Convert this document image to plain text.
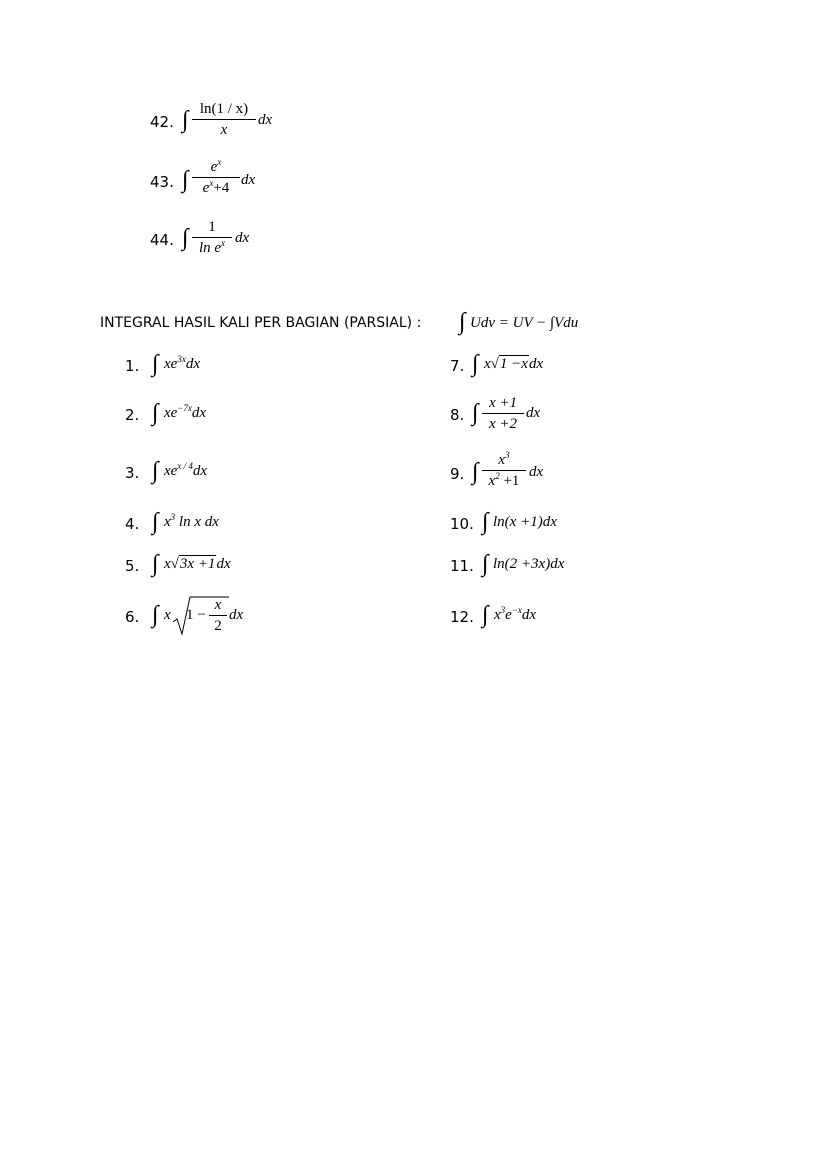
42. ∫ $\frac{\ln(1 / x)}{x}$ dx
43. ∫ $\frac{e^x}{e^x+4}$ dx
44. ∫ $\frac{1}{\ln e^x}$ dx
INTEGRAL HASIL KALI PER BAGIAN (PARSIAL) : ∫ Udv = UV − ∫Vdu
1. ∫ $xe^{3x}dx$
2. ∫ $xe^{-7x}dx$
3. ∫ $xe^{x / 4}dx$
4. ∫ $x^3$ ln x dx
5. ∫ x√3x +1dx
6. ∫ x $1 - \frac{x}{2}$ dx
7. ∫ x√1 −xdx
8. ∫ $\frac{x +1}{x +2}$ dx
9. ∫ $\frac{x^3}{x^2 +1}$ dx
10. ∫ ln(x +1)dx
11. ∫ ln(2 +3x)dx
12. ∫ $x^3e^{-x}dx$
